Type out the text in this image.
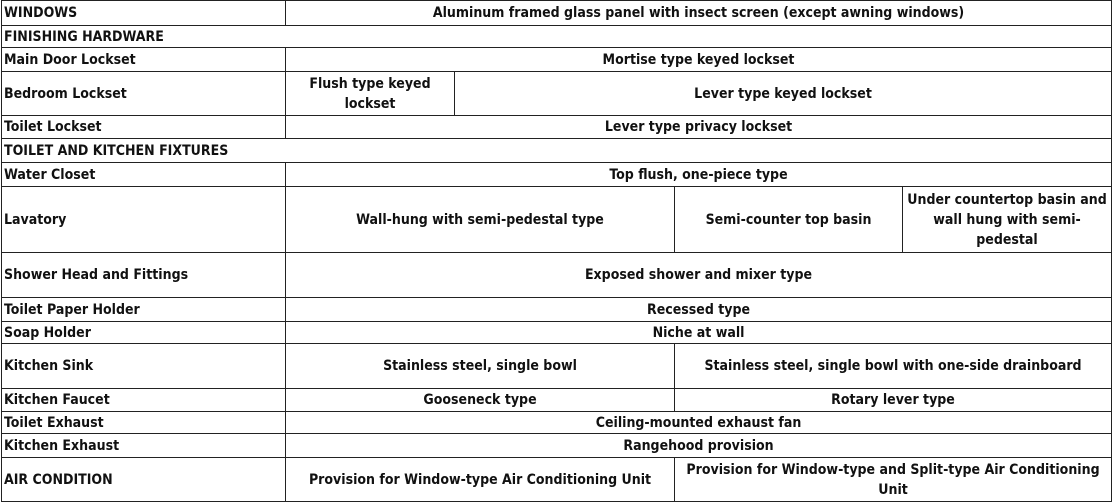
WINDOWS	Aluminum framed glass panel with insect screen (except awning windows)			
FINISHING HARDWARE				
Main Door Lockset	Mortise type keyed lockset			
Bedroom Lockset	Flush type keyed lockset	Lever type keyed lockset		
Toilet Lockset	Lever type privacy lockset			
TOILET AND KITCHEN FIXTURES				
Water Closet	Top flush, one-piece type			
Lavatory	Wall-hung with semi-pedestal type		Semi-counter top basin	Under countertop basin and wall hung with semi-pedestal
Shower Head and Fittings	Exposed shower and mixer type			
Toilet Paper Holder	Recessed type			
Soap Holder	Niche at wall			
Kitchen Sink	Stainless steel, single bowl		Stainless steel, single bowl with one-side drainboard	
Kitchen Faucet	Gooseneck type		Rotary lever type	
Toilet Exhaust	Ceiling-mounted exhaust fan			
Kitchen Exhaust	Rangehood provision			
AIR CONDITION	Provision for Window-type Air Conditioning Unit		Provision for Window-type and Split-type Air Conditioning Unit	
